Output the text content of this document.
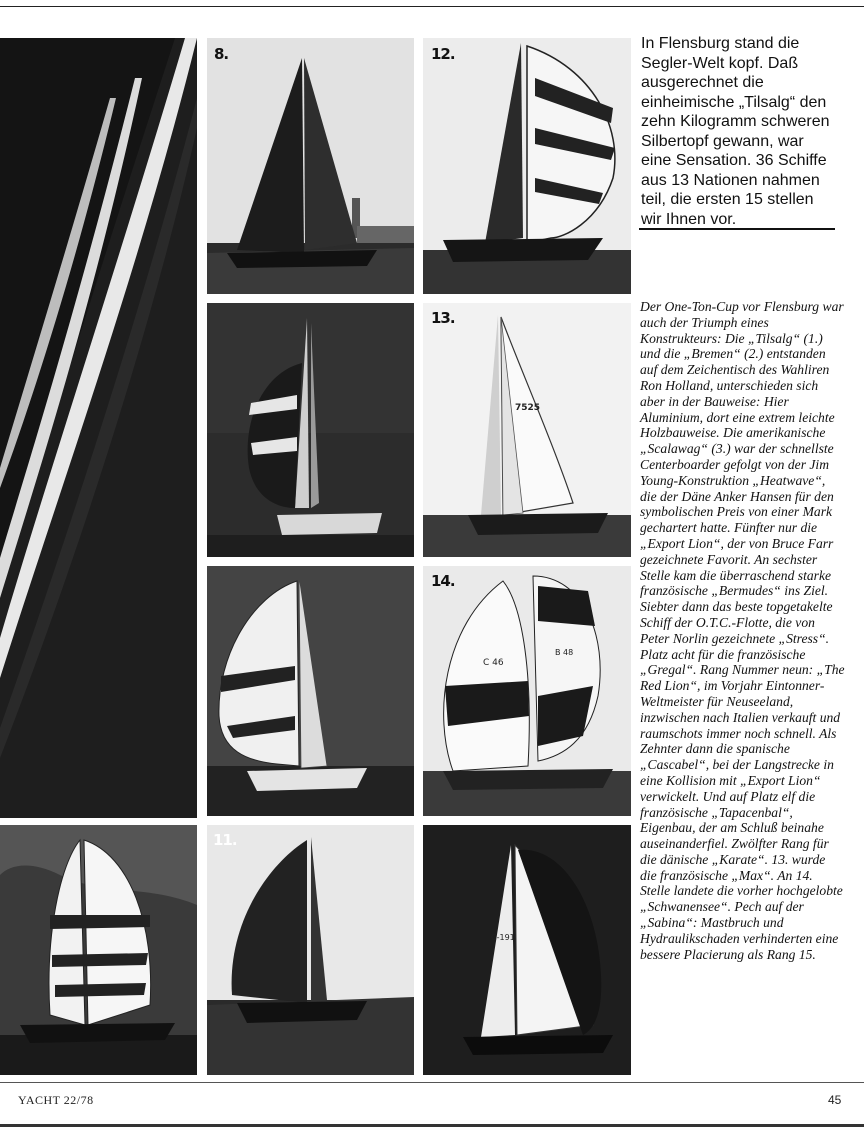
8.	12.
7525
13.
C 46
B 48
14.
11.
C-191

In Flensburg stand die Segler-Welt kopf. Daß ausgerechnet die einheimische „Tilsalg“ den zehn Kilogramm schweren Silbertopf gewann, war eine Sensation. 36 Schiffe aus 13 Nationen nahmen teil, die ersten 15 stellen wir Ihnen vor.

Der One-Ton-Cup vor Flensburg war auch der Triumph eines Konstrukteurs: Die „Tilsalg“ (1.) und die „Bremen“ (2.) entstanden auf dem Zeichentisch des Wahliren Ron Holland, unterschieden sich aber in der Bauweise: Hier Aluminium, dort eine extrem leichte Holzbauweise. Die amerikanische „Scalawag“ (3.) war der schnellste Centerboarder gefolgt von der Jim Young-Konstruktion „Heatwave“, die der Däne Anker Hansen für den symbolischen Preis von einer Mark gechartert hatte. Fünfter nur die „Export Lion“, der von Bruce Farr gezeichnete Favorit. An sechster Stelle kam die überraschend starke französische „Bermudes“ ins Ziel. Siebter dann das beste topgetakelte Schiff der O.T.C.-Flotte, die von Peter Norlin gezeichnete „Stress“. Platz acht für die französische „Gregal“. Rang Nummer neun: „The Red Lion“, im Vorjahr Eintonner-Weltmeister für Neuseeland, inzwischen nach Italien verkauft und raumschots immer noch schnell. Als Zehnter dann die spanische „Cascabel“, bei der Langstrecke in eine Kollision mit „Export Lion“ verwickelt. Und auf Platz elf die französische „Tapacenbal“, Eigenbau, der am Schluß beinahe auseinanderfiel. Zwölfter Rang für die dänische „Karate“. 13. wurde die französische „Max“. An 14. Stelle landete die vorher hochgelobte „Schwanensee“. Pech auf der „Sabina“: Mastbruch und Hydraulikschaden verhinderten eine bessere Placierung als Rang 15.

YACHT 22/78	45
